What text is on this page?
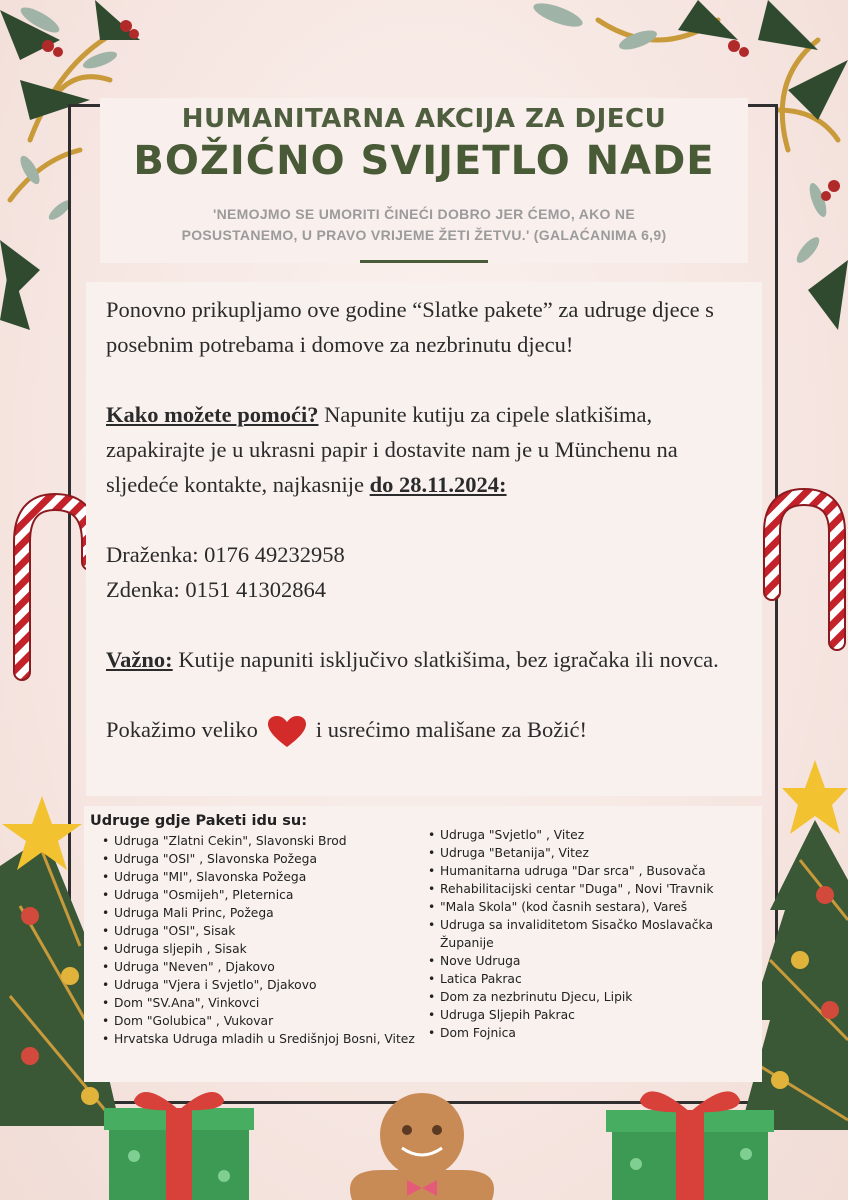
HUMANITARNA AKCIJA ZA DJECU

BOŽIĆNO SVIJETLO NADE

'NEMOJMO SE UMORITI ČINEĆI DOBRO JER ĆEMO, AKO NE
POSUSTANEMO, U PRAVO VRIJEME ŽETI ŽETVU.' (GALAĆANIMA 6,9)

Ponovno prikupljamo ove godine “Slatke pakete” za udruge djece s posebnim potrebama i domove za nezbrinutu djecu!

Kako možete pomoći? Napunite kutiju za cipele slatkišima, zapakirajte je u ukrasni papir i dostavite nam je u Münchenu na sljedeće kontakte, najkasnije do 28.11.2024:

Draženka: 0176 49232958

Zdenka: 0151 41302864

Važno: Kutije napuniti isključivo slatkišima, bez igračaka ili novca.

Pokažimo veliko	i usrećimo mališane za Božić!

Udruge gdje Paketi idu su:
• Udruga "Zlatni Cekin", Slavonski Brod
• Udruga "OSI" , Slavonska Požega
• Udruga "MI", Slavonska Požega
• Udruga "Osmijeh", Pleternica
• Udruga Mali Princ, Požega
• Udruga "OSI", Sisak
• Udruga sljepih , Sisak
• Udruga "Neven" , Djakovo
• Udruga "Vjera i Svjetlo", Djakovo
• Dom "SV.Ana", Vinkovci
• Dom "Golubica" , Vukovar
• Hrvatska Udruga mladih u Središnjoj Bosni, Vitez
• Udruga "Svjetlo" , Vitez
• Udruga "Betanija", Vitez
• Humanitarna udruga "Dar srca" , Busovača
• Rehabilitacijski centar "Duga" , Novi 'Travnik
• "Mala Skola" (kod časnih sestara), Vareš
• Udruga sa invaliditetom Sisačko Moslavačka Županije
• Nove Udruga
• Latica Pakrac
• Dom za nezbrinutu Djecu, Lipik
• Udruga Sljepih Pakrac
• Dom Fojnica
